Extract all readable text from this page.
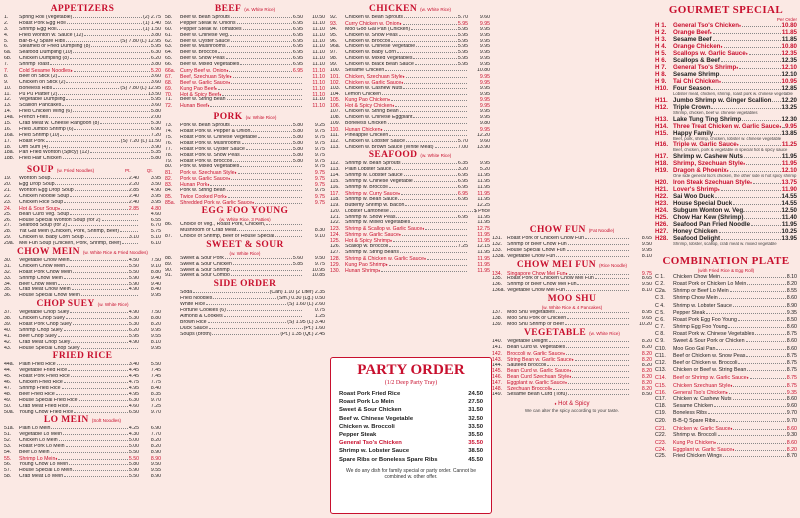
APPETIZERS
1.	Spring Roll (Vegetable)	(2) 2.75
2.	Roast Pork Egg Roll	(1) 1.40
3.	Shrimp Egg Roll	(1) 1.50
4.	Fried Wonton w. Sauce (12)	3.80
5.	Bar-B-Q Spare Ribs	(S) 7.80 (L) 12.95
6.	Steamed or Fried Dumpling (8)	5.95
6a.	Seafood Dumpling (10)	6.30
6b.	Chicken Dumpling (8)	6.20
7.	Shrimp Toast	3.80
7.	Cold Sesame Noodles ♦	5.20
8.	Beef on Stick (2)	3.60
9.	Chicken on Stick (2)	3.60
10.	Boneless Ribs	(S) 7.80 (L) 12.95
11.	Pu Pu Platter (2)	13.50
12.	Vegetable Dumpling	5.95
13.	Scallion Pancakes	3.60
14.	Fried Chicken Wing (6)	5.80
14a. French Fries	2.00
15.	Crab Meat w. Cheese Rangoon (8)	5.30
16.	Fried Jumbo Shrimp (6)	6.90
16a. Fried Shrimp (10)	7.20
17.	Roast Pork	(S) 7.20 (L) 11.50
18.	Dim Sum (4)	3.90
18a. Pan Fried Wonton (Spicy) (12)	5.35
18b. Fried Half Chicken	5.80
SOUP (w. Fried Noodles)	Pt.	Qt.
19.	Wonton Soup	2.40	3.95
20.	Egg Drop Soup	2.20	3.50
21.	Wonton Egg Drop Soup	2.85	4.90
22.	Chicken Noodle Soup	2.40	3.95
23.	Chicken Rice Soup	2.40	3.95
24.	Hot & Sour Soup ♦	2.85	4.80
25.	Bean Curd Veg. Soup	4.60
26.	House Special Wonton Soup (for 2)	6.55
27.	Seafood Soup (for 2)	6.70
28.	Yat Gat Mein (Chicken, Pork, Shrimp, Beef)	5.75
29.	Chicken w. Baby Corn Soup	3.10	5.10
29a. Mei Fun Soup (Chicken, Pork, Shrimp, Beef)	6.10
CHOW MEIN (w. White Rice & Fried Noodles)
30.	Vegetable Chow Mein	4.50	7.50
31.	Chicken Chow Mein	5.50	9.10
32.	Roast Pork Chow Mein	5.50	8.80
33.	Shrimp Chow Mein	5.90	9.40
34.	Beef Chow Mein	5.90	9.40
35.	Crab Meat Chow Mein	4.90	8.40
36.	House Special Chow Mein	9.95
CHOP SUEY (w. White Rice)
37.	Vegetable Chop Suey	4.90	7.50
38.	Chicken Chop Suey	5.30	8.80
39.	Roast Pork Chop Suey	5.30	8.20
40.	Shrimp Chop Suey	6.20	9.95
41.	Beef Chop Suey	5.95	9.55
42.	Crab Meat Chop Suey	4.90	8.10
43.	House Special Chop Suey	9.95
FRIED RICE
44a. Plain Fried Rice	3.40	5.50
44.	Vegetable Fried Rice	4.45	7.45
45.	Roast Pork Fried Rice	4.45	7.45
46.	Chicken Fried Rice	4.75	7.75
47.	Shrimp Fried Rice	4.95	8.40
48.	Beef Fried Rice	4.95	8.35
49.	House Special Fried Rice	6.30	9.70
50.	Crab Meat Fried Rice	4.60	7.25
50a. Young Chow Fried Rice	6.50	9.70
LO MEIN (Soft Noodles)
51a. Plain Lo Mein	4.25	6.90
51.	Vegetable Lo Mein	4.30	7.70
52.	Chicken Lo Mein	5.00	8.20
53.	Roast Pork Lo Mein	5.00	8.20
54.	Beef Lo Mein	5.50	8.90
55.	Shrimp Lo Mein ♦	5.50	8.90
56.	Young Chow Lo Mein	5.80	9.50
57.	House Special Lo Mein	5.90	9.55
58.	Crab Meat Lo Mein	5.50	8.90
BEEF (w. White Rice)
58.	Beef w. Bean Sprouts	6.50	10.50
59.	Pepper Steak w. Onions	6.95	11.10
60.	Pepper Steak w. Tomatoes	6.95	11.10
61.	Beef w. Chinese Veg.	6.95	11.10
62.	Beef w. Oyster Sauce	6.95	11.10
63.	Beef w. Mushrooms	6.95	11.10
64.	Beef w. Broccoli	6.95	11.10
65.	Beef w. Snow Peas	6.95	11.10
66.	Beef w. Mixed Vegetables	6.95	11.10
66a. Curry Beef w. Onion ♦	6.95	11.10
67.	Beef, Szechuan Style ♦	11.10
68.	Beef w. Garlic Sauce ♦	11.10
69.	Kung Pao Beef ♦	11.10
70.	Hot & Spicy Beef ♦	11.10
71.	Beef w. String Bean	11.10
72.	Hunan Beef ♦	11.10
PORK (w. White Rice)
73.	Pork w. Bean Sprouts	5.80	9.25
74.	Roast Pork w. Pepper & Onion	5.80	9.75
75.	Roast Pork w. Chinese Vegetable	5.80	9.75
76.	Roast Pork w. Mushrooms	5.80	9.75
77.	Roast Pork w. Oyster Sauce	5.80	9.75
78.	Roast Pork w. Snow Peas	5.80	9.75
79.	Roast Pork w. Broccoli	5.80	9.75
80.	Pork w. Mixed Vegetables	9.75
81.	Pork w. Szechuan Style ♦	9.75
82.	Pork w. Garlic Sauce ♦	9.75
83.	Hunan Pork ♦	9.75
84.	Pork w. String Bean	9.75
85.	Twice Cooked Pork ♦	9.75
85a. Shredded Pork w. Garlic Sauce ♦	9.75
EGG FOO YOUNG
(w. White Rice, 3 Patties)
86.	Choice of Veg., Roast Pork, Chicken,
Mushroom or Crab Meat	8.30
87.	Choice of Shrimp, Beef or House Special	9.10
SWEET & SOUR
(w. White Rice)
88.	Sweet & Sour Pork	5.60	9.50
89.	Sweet & Sour Chicken	5.85	9.75
90.	Sweet & Sour Shrimp	10.95
91.	Sweet & Sour Combo	10.85
SIDE ORDER
Soda	(Can) 1.10 (2 Liter) 2.35
Fried Noodles	(Sm.) 0.30 (Lg.) 0.50
White Rice	(S) 1.60 (L) 2.60
Fortune Cookies (6)	0.75
Almond & Cookies	1.25
Brown Rice	(S) 1.95 (L) 3.40
Duck Sauce	(Pt.) 1.60
Soups (broth)	(Pt.) 1.35 (Qt.) 2.45
PARTY ORDER
(1/2 Deep Party Tray)
Roast Pork Fried Rice	24.50
Roast Pork Lo Mein	27.50
Sweet & Sour Chicken	31.50
Beef w. Chinese Vegetable	32.50
Chicken w. Broccoli	33.50
Pepper Steak	35.50
General Tso's Chicken	35.50
Shrimp w. Lobster Sauce	38.50
Spare Ribs or Boneless Spare Ribs	45.50
We do any dish for family special or party order. Cannot be combined w. other offer.
CHICKEN (w. White Rice)
92.	Chicken w. Bean Sprouts	5.70	9.60
93.	Curry Chicken w. Onion ♦	5.95	9.95
94.	Moo Goo Gai Pan (Chicken)	5.95	9.95
95.	Chicken w. Snow Peas	5.95	9.95
96.	Chicken w. Broccoli	5.95	9.95
96a. Chicken w. Chinese Vegetable	5.95	9.95
97.	Chicken w. Baby Corn	5.95	9.95
98.	Chicken w. Mixed Vegetables	5.95	9.95
99.	Chicken w. Black Bean Sauce	5.95	9.95
100. Sesame Chicken	10.80
101. Chicken, Szechuan Style ♦	9.95
102. Chicken w. Garlic Sauce ♦	9.95
103. Chicken w. Cashew Nuts	9.95
104. Lemon Chicken	9.95
105. Kung Pao Chicken ♦	9.95
106. Hot & Spicy Chicken ♦	9.95
107. Chicken w. String Bean	9.95
108. Chicken w. Chinese Eggplant	9.95
109. Boneless Chicken	9.80
110.	Hunan Chicken ♦	9.95
111.	Pineapple Chicken	12.20
112.	Chicken w. Lobster Sauce	5.70	9.60
113.	Chicken w. Brown Sauce (White Meat)	7.00	13.90
SEAFOOD (w. White Rice)
112.	Shrimp w. Bean Sprouts	6.35	9.95
113.	Plain Lobster Sauce	3.20	5.20
114.	Shrimp w. Lobster Sauce	6.95	11.95
115.	Shrimp w. Chinese Vegetable	6.95	11.95
116.	Shrimp w. Broccoli	6.95	11.95
117.	Shrimp w. Curry Sauce ♦	6.95	11.95
118.	Shrimp w. Bean Sauce	6.95	11.95
119.	Butterfly Shrimp w. Bacon	12.25
120. Lobster Cantonese	$ Price
121. Shrimp w. Snow Peas	6.95	11.95
122. Shrimp w. Mixed Vegetables	11.95
123. Shrimp & Scallop w. Garlic Sauce ♦	12.75
124. Shrimp w. Garlic Sauce ♦	11.95
125. Hot & Spicy Shrimp ♦	11.95
126. Scallop w. Broccoli	7.25	12.15
127. Shrimp w. String Beans	11.95
128. Shrimp & Chicken w. Garlic Sauce ♦	11.95
129. Kung Pao Shrimp ♦	11.95
130. Hunan Shrimp ♦	11.95
CHOW FUN (Fat Noodle)
131. Roast Pork or Chicken Chow Fun	8.65
132. Shrimp or Beef Chow Fun	9.50
133. House Special Chow Fun	9.95
133a. Vegetable Chow Fun	8.10
CHOW MEI FUN (Rice Noodle)
134. Singapore Chow Mei Fun ♦	9.75
135. Roast Pork or Chicken Chow Mei Fun	8.65
136. Shrimp or Beef Chow Mei Fun	9.50
136a. Vegetable Chow Mei Fun	8.10
MOO SHU
(w. White Rice & 4 Pancakes)
137. Moo Shu Vegetables	8.95
138. Moo Shu Pork or Chicken	9.65
139. Moo Shu Shrimp or Beef	10.20
VEGETABLE (w. White Rice)
140. Vegetable Delight	8.20
141. Bean Curd w. Vegetables	8.20
142. Broccoli w. Garlic Sauce ♦	8.20
143. String Bean w. Garlic Sauce ♦	8.20
144. Sauteed Broccoli	8.20
145. Bean Curd w. Garlic Sauce ♦	8.20
146. Bean Curd Szechuan Style ♦	8.20
147. Eggplant w. Garlic Sauce ♦	8.20
148. Szechuan Broccoli ♦	8.20
149. Sesame Bean Curd (Tofu)	8.50
♦ Hot & Spicy
We can alter the spicy according to your taste.
GOURMET SPECIAL
Per Order
H 1.	General Tso's Chicken ♦	10.80
H 2.	Orange Beef ♦	11.85
H 3.	Sesame Beef	11.85
H 4.	Orange Chicken ♦	10.80
H 5.	Scallops w. Garlic Sauce ♦	12.35
H 6.	Scallops & Beef	12.35
H 7.	General Tso's Shrimp ♦	12.10
H 8.	Sesame Shrimp	12.10
H 9.	Tai Chi Chicken ♦	10.95
H10. Four Season	12.85
Lobster meat, chicken, shrimp, roast pork w. chinese vegetable
H11. Jumbo Shrimp w. Ginger Scallion 12.20
H12. Triple Crown	13.25
Shrimp, chicken, beef w. chinese vegetables
H13. Lake Tung Ting Shrimp	12.30
H14. Three Treat Chicken w. Garlic Sauce ♦ 9.95
H15. Happy Family	13.85
Beef, pork, shrimp, chicken, lobster w. chinese vegetable
H16. Triple w. Garlic Sauce ♦	11.25
Beef, chicken, pork & vegetable in special hot & spicy sauce
H17. Shrimp w. Cashew Nuts	11.95
H18. Shrimp, Szechuan Style ♦	11.95
H19. Dragon & Phoenix ♦	12.10
One side general tso's chicken, the other side is hot spicy shrimp
H20. Iron Steak Szechuan Style ♦	13.75
H21. Lover's Shrimp ♦	11.90
H22. Sai Woo Duck	14.55
H23. House Special Duck	14.55
H24. Subgum Wonton w. Veg.	12.50
H25. Chow Har Kew (Shrimp)	11.40
H26. Seafood Pan Fried Noodle	11.95
H27. Honey Chicken	10.25
H28. Seafood Delight	13.95
Shrimp, lobster, scallop, crab meat w. mixed vegetable
COMBINATION PLATE
(with Fried Rice & Egg Roll)
C 1.	Chicken Chow Mein	8.10
C 2.	Roast Pork or Chicken Lo Mein	8.20
C2a.	Shrimp or Beef Lo Mein	8.55
C 3.	Shrimp Chow Mein	8.60
C 4.	Shrimp w. Lobster Sauce	8.90
C 5.	Pepper Steak	9.35
C 6.	Roast Pork Egg Foo Young	8.50
C 7.	Shrimp Egg Foo Young	8.60
C 8.	Roast Pork w. Chinese Vegetables	8.75
C 9.	Sweet & Sour Pork or Chicken	8.60
C10.	Moo Goo Gai Pan	8.60
C11.	Beef or Chicken w. Snow Peas	8.75
C12.	Beef or Chicken w. Broccoli	8.75
C13.	Chicken or Beef w. String Bean	8.75
C14.	Beef or Shrimp w. Garlic Sauce ♦	8.75
C15.	Chicken Szechuan Style ♦	8.75
C16.	General Tso's Chicken ♦	9.35
C17.	Chicken w. Cashew Nuts	8.60
C18.	Sesame Chicken	9.60
C19.	Boneless Ribs	9.70
C20.	B-B-Q Spare Ribs	9.70
C21.	Chicken w. Garlic Sauce ♦	8.60
C22.	Shrimp w. Broccoli	9.30
C23.	Kung Po Chicken ♦	8.60
C24.	Eggplant w. Garlic Sauce ♦	8.20
C25.	Fried Chicken Wings	8.70
